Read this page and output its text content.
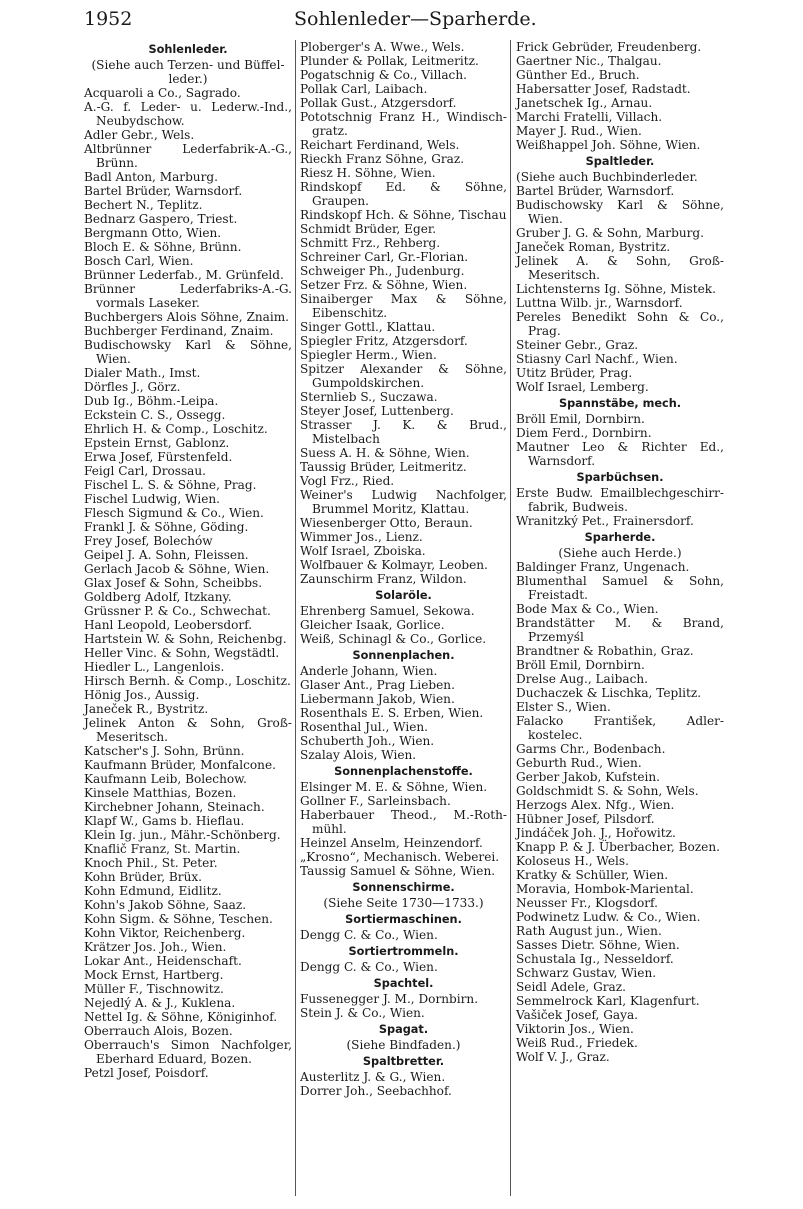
1952	Sohlenleder—Sparherde.
Sohlenleder.
(Siehe auch Terzen- und Büffel-leder.)
Acquaroli a Co., Sagrado.
A.-G. f. Leder- u. Lederw.-Ind., Neubydschow.
Adler Gebr., Wels.
Altbrünner Lederfabrik-A.-G., Brünn.
Badl Anton, Marburg.
Bartel Brüder, Warnsdorf.
Bechert N., Teplitz.
Bednarz Gaspero, Triest.
Bergmann Otto, Wien.
Bloch E. & Söhne, Brünn.
Bosch Carl, Wien.
Brünner Lederfab., M. Grünfeld.
Brünner Lederfabriks-A.-G. vormals Laseker.
Buchbergers Alois Söhne, Znaim.
Buchberger Ferdinand, Znaim.
Budischowsky Karl & Söhne, Wien.
Dialer Math., Imst.
Dörfles J., Görz.
Dub Ig., Böhm.-Leipa.
Eckstein C. S., Ossegg.
Ehrlich H. & Comp., Loschitz.
Epstein Ernst, Gablonz.
Erwa Josef, Fürstenfeld.
Feigl Carl, Drossau.
Fischel L. S. & Söhne, Prag.
Fischel Ludwig, Wien.
Flesch Sigmund & Co., Wien.
Frankl J. & Söhne, Göding.
Frey Josef, Bolechów
Geipel J. A. Sohn, Fleissen.
Gerlach Jacob & Söhne, Wien.
Glax Josef & Sohn, Scheibbs.
Goldberg Adolf, Itzkany.
Grüssner P. & Co., Schwechat.
Hanl Leopold, Leobersdorf.
Hartstein W. & Sohn, Reichenbg.
Heller Vinc. & Sohn, Wegstädtl.
Hiedler L., Langenlois.
Hirsch Bernh. & Comp., Loschitz.
Hönig Jos., Aussig.
Janeček R., Bystritz.
Jelinek Anton & Sohn, Groß-Meseritsch.
Katscher's J. Sohn, Brünn.
Kaufmann Brüder, Monfalcone.
Kaufmann Leib, Bolechow.
Kinsele Matthias, Bozen.
Kirchebner Johann, Steinach.
Klapf W., Gams b. Hieflau.
Klein Ig. jun., Mähr.-Schönberg.
Knaflič Franz, St. Martin.
Knoch Phil., St. Peter.
Kohn Brüder, Brüx.
Kohn Edmund, Eidlitz.
Kohn's Jakob Söhne, Saaz.
Kohn Sigm. & Söhne, Teschen.
Kohn Viktor, Reichenberg.
Krätzer Jos. Joh., Wien.
Lokar Ant., Heidenschaft.
Mock Ernst, Hartberg.
Müller F., Tischnowitz.
Nejedlý A. & J., Kuklena.
Nettel Ig. & Söhne, Königinhof.
Oberrauch Alois, Bozen.
Oberrauch's Simon Nachfolger, Eberhard Eduard, Bozen.
Petzl Josef, Poisdorf.
Ploberger's A. Wwe., Wels.
Plunder & Pollak, Leitmeritz.
Pogatschnig & Co., Villach.
Pollak Carl, Laibach.
Pollak Gust., Atzgersdorf.
Pototschnig Franz H., Windisch-gratz.
Reichart Ferdinand, Wels.
Rieckh Franz Söhne, Graz.
Riesz H. Söhne, Wien.
Rindskopf Ed. & Söhne, Graupen.
Rindskopf Hch. & Söhne, Tischau
Schmidt Brüder, Eger.
Schmitt Frz., Rehberg.
Schreiner Carl, Gr.-Florian.
Schweiger Ph., Judenburg.
Setzer Frz. & Söhne, Wien.
Sinaiberger Max & Söhne, Eibenschitz.
Singer Gottl., Klattau.
Spiegler Fritz, Atzgersdorf.
Spiegler Herm., Wien.
Spitzer Alexander & Söhne, Gumpoldskirchen.
Sternlieb S., Suczawa.
Steyer Josef, Luttenberg.
Strasser J. K. & Brud., Mistelbach
Suess A. H. & Söhne, Wien.
Taussig Brüder, Leitmeritz.
Vogl Frz., Ried.
Weiner's Ludwig Nachfolger, Brummel Moritz, Klattau.
Wiesenberger Otto, Beraun.
Wimmer Jos., Lienz.
Wolf Israel, Zboiska.
Wolfbauer & Kolmayr, Leoben.
Zaunschirm Franz, Wildon.
Solaröle.
Ehrenberg Samuel, Sekowa.
Gleicher Isaak, Gorlice.
Weiß, Schinagl & Co., Gorlice.
Sonnenplachen.
Anderle Johann, Wien.
Glaser Ant., Prag Lieben.
Liebermann Jakob, Wien.
Rosenthals E. S. Erben, Wien.
Rosenthal Jul., Wien.
Schuberth Joh., Wien.
Szalay Alois, Wien.
Sonnenplachenstoffe.
Elsinger M. E. & Söhne, Wien.
Gollner F., Sarleinsbach.
Haberbauer Theod., M.-Roth-mühl.
Heinzel Anselm, Heinzendorf.
„Krosno“, Mechanisch. Weberei.
Taussig Samuel & Söhne, Wien.
Sonnenschirme.
(Siehe Seite 1730—1733.)
Sortiermaschinen.
Dengg C. & Co., Wien.
Sortiertrommeln.
Dengg C. & Co., Wien.
Spachtel.
Fussenegger J. M., Dornbirn.
Stein J. & Co., Wien.
Spagat.
(Siehe Bindfaden.)
Spaltbretter.
Austerlitz J. & G., Wien.
Dorrer Joh., Seebachhof.
Frick Gebrüder, Freudenberg.
Gaertner Nic., Thalgau.
Günther Ed., Bruch.
Habersatter Josef, Radstadt.
Janetschek Ig., Arnau.
Marchi Fratelli, Villach.
Mayer J. Rud., Wien.
Weißhappel Joh. Söhne, Wien.
Spaltleder.
(Siehe auch Buchbinderleder.
Bartel Brüder, Warnsdorf.
Budischowsky Karl & Söhne, Wien.
Gruber J. G. & Sohn, Marburg.
Janeček Roman, Bystritz.
Jelinek A. & Sohn, Groß-Meseritsch.
Lichtensterns Ig. Söhne, Mistek.
Luttna Wilb. jr., Warnsdorf.
Pereles Benedikt Sohn & Co., Prag.
Steiner Gebr., Graz.
Stiasny Carl Nachf., Wien.
Utitz Brüder, Prag.
Wolf Israel, Lemberg.
Spannstäbe, mech.
Bröll Emil, Dornbirn.
Diem Ferd., Dornbirn.
Mautner Leo & Richter Ed., Warnsdorf.
Sparbüchsen.
Erste Budw. Emailblechgeschirr-fabrik, Budweis.
Wranitzký Pet., Frainersdorf.
Sparherde.
(Siehe auch Herde.)
Baldinger Franz, Ungenach.
Blumenthal Samuel & Sohn, Freistadt.
Bode Max & Co., Wien.
Brandstätter M. & Brand, Przemyśl
Brandtner & Robathin, Graz.
Bröll Emil, Dornbirn.
Drelse Aug., Laibach.
Duchaczek & Lischka, Teplitz.
Elster S., Wien.
Falacko František, Adler-kostelec.
Garms Chr., Bodenbach.
Geburth Rud., Wien.
Gerber Jakob, Kufstein.
Goldschmidt S. & Sohn, Wels.
Herzogs Alex. Nfg., Wien.
Hübner Josef, Pilsdorf.
Jindáček Joh. J., Hořowitz.
Knapp P. & J. Überbacher, Bozen.
Koloseus H., Wels.
Kratky & Schüller, Wien.
Moravia, Hombok-Mariental.
Neusser Fr., Klogsdorf.
Podwinetz Ludw. & Co., Wien.
Rath August jun., Wien.
Sasses Dietr. Söhne, Wien.
Schustala Ig., Nesseldorf.
Schwarz Gustav, Wien.
Seidl Adele, Graz.
Semmelrock Karl, Klagenfurt.
Vašiček Josef, Gaya.
Viktorin Jos., Wien.
Weiß Rud., Friedek.
Wolf V. J., Graz.
